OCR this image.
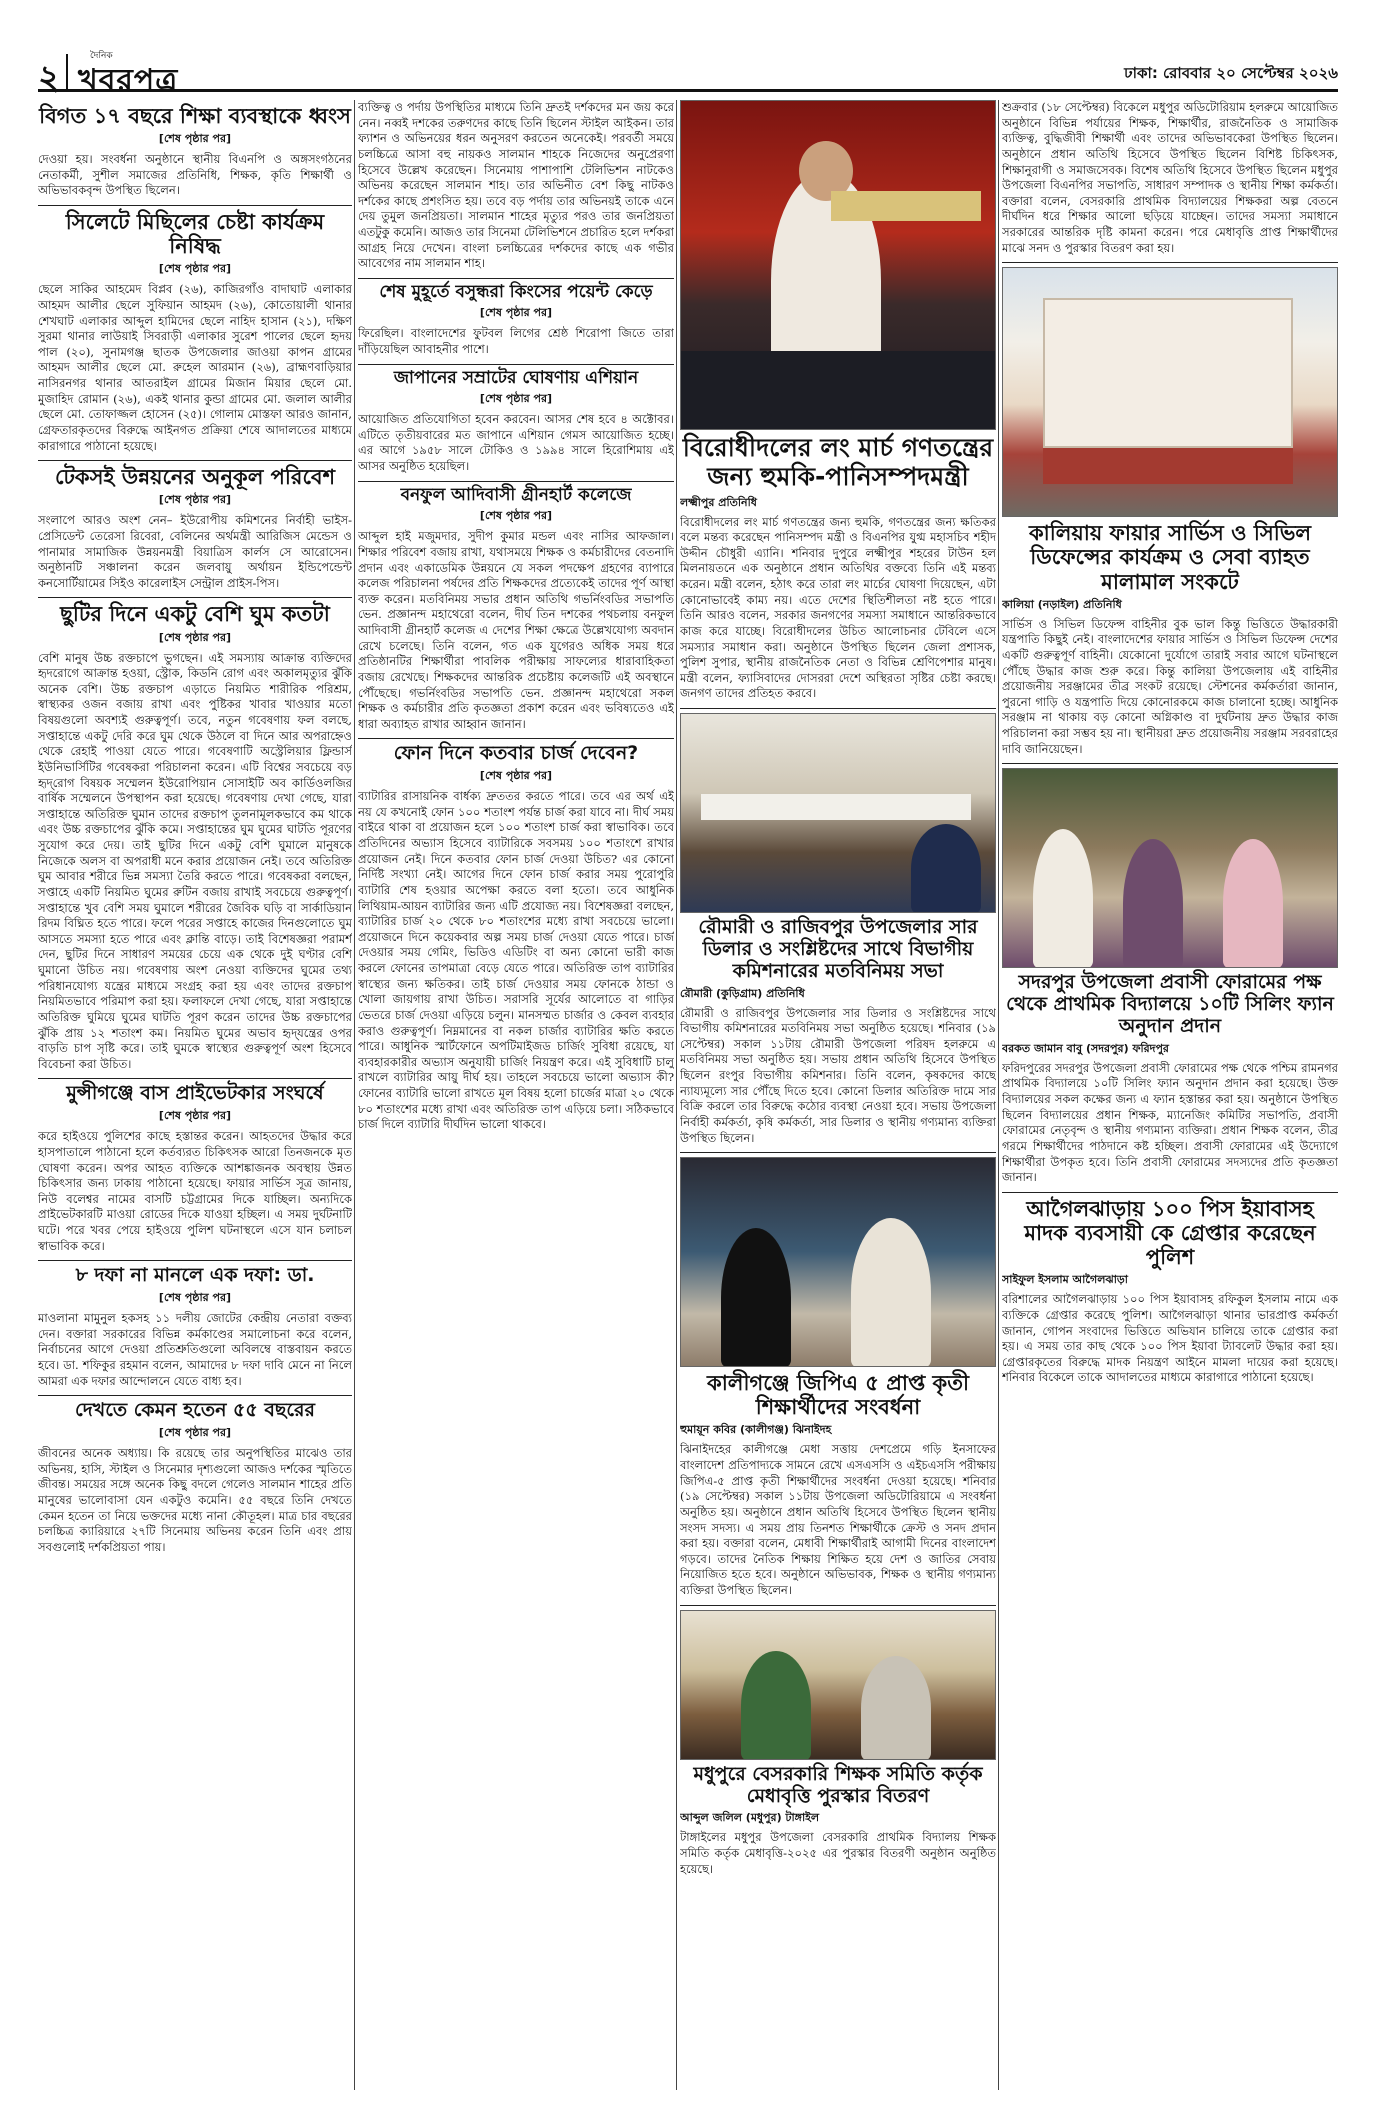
২
দৈনিক
খবরপত্র	ঢাকা: রোববার ২০ সেপ্টেম্বর ২০২৬
বিগত ১৭ বছরে শিক্ষা ব্যবস্থাকে ধ্বংস
[শেষ পৃষ্ঠার পর]
দেওয়া হয়। সংবর্ধনা অনুষ্ঠানে স্থানীয় বিএনপি ও অঙ্গসংগঠনের নেতাকর্মী, সুশীল সমাজের প্রতিনিধি, শিক্ষক, কৃতি শিক্ষার্থী ও অভিভাবকবৃন্দ উপস্থিত ছিলেন।
সিলেটে মিছিলের চেষ্টা কার্যক্রম নিষিদ্ধ
[শেষ পৃষ্ঠার পর]
ছেলে সাকির আহমেদ বিপ্লব (২৬), কাজিরগাঁও বাদাঘাট এলাকার আহমদ আলীর ছেলে সুফিয়ান আহমদ (২৬), কোতোয়ালী থানার শেখঘাট এলাকার আব্দুল হামিদের ছেলে নাহিদ হাসান (২১), দক্ষিণ সুরমা থানার লাউয়াই সিবরাড়ী এলাকার সুরেশ পালের ছেলে হৃদয় পাল (২০), সুনামগঞ্জ ছাতক উপজেলার জাওয়া কাপন গ্রামের আহমদ আলীর ছেলে মো. রুহেল আরমান (২৬), ব্রাহ্মণবাড়িয়ার নাসিরনগর থানার আতরাইল গ্রামের মিজান মিয়ার ছেলে মো. মুজাহিদ রোমান (২৬), একই থানার কুন্ডা গ্রামের মো. জলাল আলীর ছেলে মো. তোফাজ্জল হোসেন (২৫)। গোলাম মোস্তফা আরও জানান, গ্রেফতারকৃতদের বিরুদ্ধে আইনগত প্রক্রিয়া শেষে আদালতের মাধ্যমে কারাগারে পাঠানো হয়েছে।
টেকসই উন্নয়নের অনুকূল পরিবেশ
[শেষ পৃষ্ঠার পর]
সংলাপে আরও অংশ নেন– ইউরোপীয় কমিশনের নির্বাহী ভাইস-প্রেসিডেন্ট তেরেসা রিবেরা, বেলিনের অর্থমন্ত্রী আরিজিস মেন্ডেস ও পানামার সামাজিক উন্নয়নমন্ত্রী বিয়াত্রিস কার্লস সে আরোসেন। অনুষ্ঠানটি সঞ্চালনা করেন জলবায়ু অর্থায়ন ইন্ডিপেন্ডেন্ট কনসোর্টিয়ামের সিইও কারেলাইস সেন্ট্রাল প্রাইস-পিস।
ছুটির দিনে একটু বেশি ঘুম কতটা
[শেষ পৃষ্ঠার পর]
বেশি মানুষ উচ্চ রক্তচাপে ভুগছেন। এই সমস্যায় আক্রান্ত ব্যক্তিদের হৃদরোগে আক্রান্ত হওয়া, স্ট্রোক, কিডনি রোগ এবং অকালমৃত্যুর ঝুঁকি অনেক বেশি। উচ্চ রক্তচাপ এড়াতে নিয়মিত শারীরিক পরিশ্রম, স্বাস্থ্যকর ওজন বজায় রাখা এবং পুষ্টিকর খাবার খাওয়ার মতো বিষয়গুলো অবশ্যই গুরুত্বপূর্ণ। তবে, নতুন গবেষণায় ফল বলছে, সপ্তাহান্তে একটু দেরি করে ঘুম থেকে উঠলে বা দিনে আর অপরাহ্নেও থেকে রেহাই পাওয়া যেতে পারে। গবেষণাটি অস্ট্রেলিয়ার ফ্লিন্ডার্স ইউনিভার্সিটির গবেষকরা পরিচালনা করেন। এটি বিশ্বের সবচেয়ে বড় হৃদ্‌রোগ বিষয়ক সম্মেলন ইউরোপিয়ান সোসাইটি অব কার্ডিওলজির বার্ষিক সম্মেলনে উপস্থাপন করা হয়েছে। গবেষণায় দেখা গেছে, যারা সপ্তাহান্তে অতিরিক্ত ঘুমান তাদের রক্তচাপ তুলনামূলকভাবে কম থাকে এবং উচ্চ রক্তচাপের ঝুঁকি কমে। সপ্তাহান্তের ঘুম ঘুমের ঘাটতি পূরণের সুযোগ করে দেয়। তাই ছুটির দিনে একটু বেশি ঘুমালে মানুষকে নিজেকে অলস বা অপরাধী মনে করার প্রয়োজন নেই। তবে অতিরিক্ত ঘুম আবার শরীরে ভিন্ন সমস্যা তৈরি করতে পারে। গবেষকরা বলছেন, সপ্তাহে একটি নিয়মিত ঘুমের রুটিন বজায় রাখাই সবচেয়ে গুরুত্বপূর্ণ। সপ্তাহান্তে খুব বেশি সময় ঘুমালে শরীরের জৈবিক ঘড়ি বা সার্কাডিয়ান রিদম বিঘ্নিত হতে পারে। ফলে পরের সপ্তাহে কাজের দিনগুলোতে ঘুম আসতে সমস্যা হতে পারে এবং ক্লান্তি বাড়ে। তাই বিশেষজ্ঞরা পরামর্শ দেন, ছুটির দিনে সাধারণ সময়ের চেয়ে এক থেকে দুই ঘণ্টার বেশি ঘুমানো উচিত নয়। গবেষণায় অংশ নেওয়া ব্যক্তিদের ঘুমের তথ্য পরিধানযোগ্য যন্ত্রের মাধ্যমে সংগ্রহ করা হয় এবং তাদের রক্তচাপ নিয়মিতভাবে পরিমাপ করা হয়। ফলাফলে দেখা গেছে, যারা সপ্তাহান্তে অতিরিক্ত ঘুমিয়ে ঘুমের ঘাটতি পূরণ করেন তাদের উচ্চ রক্তচাপের ঝুঁকি প্রায় ১২ শতাংশ কম। নিয়মিত ঘুমের অভাব হৃদ্‌যন্ত্রের ওপর বাড়তি চাপ সৃষ্টি করে। তাই ঘুমকে স্বাস্থ্যের গুরুত্বপূর্ণ অংশ হিসেবে বিবেচনা করা উচিত।
মুন্সীগঞ্জে বাস প্রাইভেটকার সংঘর্ষে
[শেষ পৃষ্ঠার পর]
করে হাইওয়ে পুলিশের কাছে হস্তান্তর করেন। আহতদের উদ্ধার করে হাসপাতালে পাঠানো হলে কর্তব্যরত চিকিৎসক আরো তিনজনকে মৃত ঘোষণা করেন। অপর আহত ব্যক্তিকে আশঙ্কাজনক অবস্থায় উন্নত চিকিৎসার জন্য ঢাকায় পাঠানো হয়েছে। ফায়ার সার্ভিস সূত্র জানায়, নিউ বলেশ্বর নামের বাসটি চট্টগ্রামের দিকে যাচ্ছিল। অন্যদিকে প্রাইভেটকারটি মাওয়া রোডের দিকে যাওয়া হচ্ছিল। এ সময় দুর্ঘটনাটি ঘটে। পরে খবর পেয়ে হাইওয়ে পুলিশ ঘটনাস্থলে এসে যান চলাচল স্বাভাবিক করে।
৮ দফা না মানলে এক দফা: ডা.
[শেষ পৃষ্ঠার পর]
মাওলানা মামুনুল হকসহ ১১ দলীয় জোটের কেন্দ্রীয় নেতারা বক্তব্য দেন। বক্তারা সরকারের বিভিন্ন কর্মকাণ্ডের সমালোচনা করে বলেন, নির্বাচনের আগে দেওয়া প্রতিশ্রুতিগুলো অবিলম্বে বাস্তবায়ন করতে হবে। ডা. শফিকুর রহমান বলেন, আমাদের ৮ দফা দাবি মেনে না নিলে আমরা এক দফার আন্দোলনে যেতে বাধ্য হব।
দেখতে কেমন হতেন ৫৫ বছরের
[শেষ পৃষ্ঠার পর]
জীবনের অনেক অধ্যায়। কি রয়েছে তার অনুপস্থিতির মাঝেও তার অভিনয়, হাসি, স্টাইল ও সিনেমার দৃশ্যগুলো আজও দর্শকের স্মৃতিতে জীবন্ত। সময়ের সঙ্গে অনেক কিছু বদলে গেলেও সালমান শাহের প্রতি মানুষের ভালোবাসা যেন একটুও কমেনি। ৫৫ বছরে তিনি দেখতে কেমন হতেন তা নিয়ে ভক্তদের মধ্যে নানা কৌতূহল। মাত্র চার বছরের চলচ্চিত্র ক্যারিয়ারে ২৭টি সিনেমায় অভিনয় করেন তিনি এবং প্রায় সবগুলোই দর্শকপ্রিয়তা পায়।
ব্যক্তিত্ব ও পর্দায় উপস্থিতির মাধ্যমে তিনি দ্রুতই দর্শকদের মন জয় করে নেন। নব্বই দশকের তরুণদের কাছে তিনি ছিলেন স্টাইল আইকন। তার ফ্যাশন ও অভিনয়ের ধরন অনুসরণ করতেন অনেকেই। পরবর্তী সময়ে চলচ্চিত্রে আসা বহু নায়কও সালমান শাহকে নিজেদের অনুপ্রেরণা হিসেবে উল্লেখ করেছেন। সিনেমায় পাশাপাশি টেলিভিশন নাটকেও অভিনয় করেছেন সালমান শাহ। তার অভিনীত বেশ কিছু নাটকও দর্শকের কাছে প্রশংসিত হয়। তবে বড় পর্দায় তার অভিনয়ই তাকে এনে দেয় তুমুল জনপ্রিয়তা। সালমান শাহের মৃত্যুর পরও তার জনপ্রিয়তা এতটুকু কমেনি। আজও তার সিনেমা টেলিভিশনে প্রচারিত হলে দর্শকরা আগ্রহ নিয়ে দেখেন। বাংলা চলচ্চিত্রের দর্শকদের কাছে এক গভীর আবেগের নাম সালমান শাহ।
শেষ মুহূর্তে বসুন্ধরা কিংসের পয়েন্ট কেড়ে
[শেষ পৃষ্ঠার পর]
ফিরেছিল। বাংলাদেশের ফুটবল লিগের শ্রেষ্ঠ শিরোপা জিতে তারা দাঁড়িয়েছিল আবাহনীর পাশে।
জাপানের সম্রাটের ঘোষণায় এশিয়ান
[শেষ পৃষ্ঠার পর]
আয়োজিত প্রতিযোগিতা হবেন করবেন। আসর শেষ হবে ৪ অক্টোবর। এটিতে তৃতীয়বারের মত জাপানে এশিয়ান গেমস আয়োজিত হচ্ছে। এর আগে ১৯৫৮ সালে টোকিও ও ১৯৯৪ সালে হিরোশিমায় এই আসর অনুষ্ঠিত হয়েছিল।
বনফুল আদিবাসী গ্রীনহার্ট কলেজে
[শেষ পৃষ্ঠার পর]
আব্দুল হাই মজুমদার, সুদীপ কুমার মন্ডল এবং নাসির আফজাল। শিক্ষার পরিবেশ বজায় রাখা, যথাসময়ে শিক্ষক ও কর্মচারীদের বেতনাদি প্রদান এবং একাডেমিক উন্নয়নে যে সকল পদক্ষেপ গ্রহণের ব্যাপারে কলেজ পরিচালনা পর্ষদের প্রতি শিক্ষকদের প্রত্যেকেই তাদের পূর্ণ আস্থা ব্যক্ত করেন। মতবিনিময় সভার প্রধান অতিথি গভর্নিংবডির সভাপতি ভেন. প্রজ্ঞানন্দ মহাথেরো বলেন, দীর্ঘ তিন দশকের পথচলায় বনফুল আদিবাসী গ্রীনহার্ট কলেজ এ দেশের শিক্ষা ক্ষেত্রে উল্লেখযোগ্য অবদান রেখে চলেছে। তিনি বলেন, গত এক যুগেরও অধিক সময় ধরে প্রতিষ্ঠানটির শিক্ষার্থীরা পাবলিক পরীক্ষায় সাফল্যের ধারাবাহিকতা বজায় রেখেছে। শিক্ষকদের আন্তরিক প্রচেষ্টায় কলেজটি এই অবস্থানে পৌঁছেছে। গভর্নিংবডির সভাপতি ভেন. প্রজ্ঞানন্দ মহাথেরো সকল শিক্ষক ও কর্মচারীর প্রতি কৃতজ্ঞতা প্রকাশ করেন এবং ভবিষ্যতেও এই ধারা অব্যাহত রাখার আহ্বান জানান।
ফোন দিনে কতবার চার্জ দেবেন?
[শেষ পৃষ্ঠার পর]
ব্যাটারির রাসায়নিক বার্ধক্য দ্রুততর করতে পারে। তবে এর অর্থ এই নয় যে কখনোই ফোন ১০০ শতাংশ পর্যন্ত চার্জ করা যাবে না। দীর্ঘ সময় বাইরে থাকা বা প্রয়োজন হলে ১০০ শতাংশ চার্জ করা স্বাভাবিক। তবে প্রতিদিনের অভ্যাস হিসেবে ব্যাটারিকে সবসময় ১০০ শতাংশে রাখার প্রয়োজন নেই। দিনে কতবার ফোন চার্জ দেওয়া উচিত? এর কোনো নির্দিষ্ট সংখ্যা নেই। আগের দিনে ফোন চার্জ করার সময় পুরোপুরি ব্যাটারি শেষ হওয়ার অপেক্ষা করতে বলা হতো। তবে আধুনিক লিথিয়াম-আয়ন ব্যাটারির জন্য এটি প্রযোজ্য নয়। বিশেষজ্ঞরা বলছেন, ব্যাটারির চার্জ ২০ থেকে ৮০ শতাংশের মধ্যে রাখা সবচেয়ে ভালো। প্রয়োজনে দিনে কয়েকবার অল্প সময় চার্জ দেওয়া যেতে পারে। চার্জ দেওয়ার সময় গেমিং, ভিডিও এডিটিং বা অন্য কোনো ভারী কাজ করলে ফোনের তাপমাত্রা বেড়ে যেতে পারে। অতিরিক্ত তাপ ব্যাটারির স্বাস্থ্যের জন্য ক্ষতিকর। তাই চার্জ দেওয়ার সময় ফোনকে ঠান্ডা ও খোলা জায়গায় রাখা উচিত। সরাসরি সূর্যের আলোতে বা গাড়ির ভেতরে চার্জ দেওয়া এড়িয়ে চলুন। মানসম্মত চার্জার ও কেবল ব্যবহার করাও গুরুত্বপূর্ণ। নিম্নমানের বা নকল চার্জার ব্যাটারির ক্ষতি করতে পারে। আধুনিক স্মার্টফোনে অপটিমাইজড চার্জিং সুবিধা রয়েছে, যা ব্যবহারকারীর অভ্যাস অনুযায়ী চার্জিং নিয়ন্ত্রণ করে। এই সুবিধাটি চালু রাখলে ব্যাটারির আয়ু দীর্ঘ হয়। তাহলে সবচেয়ে ভালো অভ্যাস কী? ফোনের ব্যাটারি ভালো রাখতে মূল বিষয় হলো চার্জের মাত্রা ২০ থেকে ৮০ শতাংশের মধ্যে রাখা এবং অতিরিক্ত তাপ এড়িয়ে চলা। সঠিকভাবে চার্জ দিলে ব্যাটারি দীর্ঘদিন ভালো থাকবে।
বিরোধীদলের লং মার্চ গণতন্ত্রের জন্য হুমকি-পানিসম্পদমন্ত্রী
লক্ষ্মীপুর প্রতিনিধি
বিরোধীদলের লং মার্চ গণতন্ত্রের জন্য হুমকি, গণতন্ত্রের জন্য ক্ষতিকর বলে মন্তব্য করেছেন পানিসম্পদ মন্ত্রী ও বিএনপির যুগ্ম মহাসচিব শহীদ উদ্দীন চৌধুরী এ্যানি। শনিবার দুপুরে লক্ষ্মীপুর শহরের টাউন হল মিলনায়তনে এক অনুষ্ঠানে প্রধান অতিথির বক্তব্যে তিনি এই মন্তব্য করেন। মন্ত্রী বলেন, হঠাৎ করে তারা লং মার্চের ঘোষণা দিয়েছেন, এটা কোনোভাবেই কাম্য নয়। এতে দেশের স্থিতিশীলতা নষ্ট হতে পারে। তিনি আরও বলেন, সরকার জনগণের সমস্যা সমাধানে আন্তরিকভাবে কাজ করে যাচ্ছে। বিরোধীদলের উচিত আলোচনার টেবিলে এসে সমস্যার সমাধান করা। অনুষ্ঠানে উপস্থিত ছিলেন জেলা প্রশাসক, পুলিশ সুপার, স্থানীয় রাজনৈতিক নেতা ও বিভিন্ন শ্রেণিপেশার মানুষ। মন্ত্রী বলেন, ফ্যাসিবাদের দোসররা দেশে অস্থিরতা সৃষ্টির চেষ্টা করছে। জনগণ তাদের প্রতিহত করবে।
রৌমারী ও রাজিবপুর উপজেলার সার ডিলার ও সংশ্লিষ্টদের সাথে বিভাগীয় কমিশনারের মতবিনিময় সভা
রৌমারী (কুড়িগ্রাম) প্রতিনিধি
রৌমারী ও রাজিবপুর উপজেলার সার ডিলার ও সংশ্লিষ্টদের সাথে বিভাগীয় কমিশনারের মতবিনিময় সভা অনুষ্ঠিত হয়েছে। শনিবার (১৯ সেপ্টেম্বর) সকাল ১১টায় রৌমারী উপজেলা পরিষদ হলরুমে এ মতবিনিময় সভা অনুষ্ঠিত হয়। সভায় প্রধান অতিথি হিসেবে উপস্থিত ছিলেন রংপুর বিভাগীয় কমিশনার। তিনি বলেন, কৃষকদের কাছে ন্যায্যমূল্যে সার পৌঁছে দিতে হবে। কোনো ডিলার অতিরিক্ত দামে সার বিক্রি করলে তার বিরুদ্ধে কঠোর ব্যবস্থা নেওয়া হবে। সভায় উপজেলা নির্বাহী কর্মকর্তা, কৃষি কর্মকর্তা, সার ডিলার ও স্থানীয় গণ্যমান্য ব্যক্তিরা উপস্থিত ছিলেন।
কালীগঞ্জে জিপিএ ৫ প্রাপ্ত কৃতী শিক্ষার্থীদের সংবর্ধনা
হুমায়ূন কবির (কালীগঞ্জ) ঝিনাইদহ
ঝিনাইদহের কালীগঞ্জে মেধা সত্তায় দেশপ্রেমে গড়ি ইনসাফের বাংলাদেশ প্রতিপাদ্যকে সামনে রেখে এসএসসি ও এইচএসসি পরীক্ষায় জিপিএ-৫ প্রাপ্ত কৃতী শিক্ষার্থীদের সংবর্ধনা দেওয়া হয়েছে। শনিবার (১৯ সেপ্টেম্বর) সকাল ১১টায় উপজেলা অডিটোরিয়ামে এ সংবর্ধনা অনুষ্ঠিত হয়। অনুষ্ঠানে প্রধান অতিথি হিসেবে উপস্থিত ছিলেন স্থানীয় সংসদ সদস্য। এ সময় প্রায় তিনশত শিক্ষার্থীকে ক্রেস্ট ও সনদ প্রদান করা হয়। বক্তারা বলেন, মেধাবী শিক্ষার্থীরাই আগামী দিনের বাংলাদেশ গড়বে। তাদের নৈতিক শিক্ষায় শিক্ষিত হয়ে দেশ ও জাতির সেবায় নিয়োজিত হতে হবে। অনুষ্ঠানে অভিভাবক, শিক্ষক ও স্থানীয় গণ্যমান্য ব্যক্তিরা উপস্থিত ছিলেন।
মধুপুরে বেসরকারি শিক্ষক সমিতি কর্তৃক মেধাবৃত্তি পুরস্কার বিতরণ
আব্দুল জলিল (মধুপুর) টাঙ্গাইল
টাঙ্গাইলের মধুপুর উপজেলা বেসরকারি প্রাথমিক বিদ্যালয় শিক্ষক সমিতি কর্তৃক মেধাবৃত্তি-২০২৫ এর পুরস্কার বিতরণী অনুষ্ঠান অনুষ্ঠিত হয়েছে।
শুক্রবার (১৮ সেপ্টেম্বর) বিকেলে মধুপুর অডিটোরিয়াম হলরুমে আয়োজিত অনুষ্ঠানে বিভিন্ন পর্যায়ের শিক্ষক, শিক্ষার্থীর, রাজনৈতিক ও সামাজিক ব্যক্তিত্ব, বুদ্ধিজীবী শিক্ষার্থী এবং তাদের অভিভাবকেরা উপস্থিত ছিলেন। অনুষ্ঠানে প্রধান অতিথি হিসেবে উপস্থিত ছিলেন বিশিষ্ট চিকিৎসক, শিক্ষানুরাগী ও সমাজসেবক। বিশেষ অতিথি হিসেবে উপস্থিত ছিলেন মধুপুর উপজেলা বিএনপির সভাপতি, সাধারণ সম্পাদক ও স্থানীয় শিক্ষা কর্মকর্তা। বক্তারা বলেন, বেসরকারি প্রাথমিক বিদ্যালয়ের শিক্ষকরা অল্প বেতনে দীর্ঘদিন ধরে শিক্ষার আলো ছড়িয়ে যাচ্ছেন। তাদের সমস্যা সমাধানে সরকারের আন্তরিক দৃষ্টি কামনা করেন। পরে মেধাবৃত্তি প্রাপ্ত শিক্ষার্থীদের মাঝে সনদ ও পুরস্কার বিতরণ করা হয়।
কালিয়ায় ফায়ার সার্ভিস ও সিভিল ডিফেন্সের কার্যক্রম ও সেবা ব্যাহত মালামাল সংকটে
কালিয়া (নড়াইল) প্রতিনিধি
সার্ভিস ও সিভিল ডিফেন্স বাহিনীর বুক ভাল কিন্তু ভিত্তিতে উদ্ধারকারী যন্ত্রপাতি কিছুই নেই। বাংলাদেশের ফায়ার সার্ভিস ও সিভিল ডিফেন্স দেশের একটি গুরুত্বপূর্ণ বাহিনী। যেকোনো দুর্যোগে তারাই সবার আগে ঘটনাস্থলে পৌঁছে উদ্ধার কাজ শুরু করে। কিন্তু কালিয়া উপজেলায় এই বাহিনীর প্রয়োজনীয় সরঞ্জামের তীব্র সংকট রয়েছে। স্টেশনের কর্মকর্তারা জানান, পুরনো গাড়ি ও যন্ত্রপাতি দিয়ে কোনোরকমে কাজ চালানো হচ্ছে। আধুনিক সরঞ্জাম না থাকায় বড় কোনো অগ্নিকাণ্ড বা দুর্ঘটনায় দ্রুত উদ্ধার কাজ পরিচালনা করা সম্ভব হয় না। স্থানীয়রা দ্রুত প্রয়োজনীয় সরঞ্জাম সরবরাহের দাবি জানিয়েছেন।
সদরপুর উপজেলা প্রবাসী ফোরামের পক্ষ থেকে প্রাথমিক বিদ্যালয়ে ১০টি সিলিং ফ্যান অনুদান প্রদান
বরকত জামান বাবু (সদরপুর) ফরিদপুর
ফরিদপুরের সদরপুর উপজেলা প্রবাসী ফোরামের পক্ষ থেকে পশ্চিম রামনগর প্রাথমিক বিদ্যালয়ে ১০টি সিলিং ফ্যান অনুদান প্রদান করা হয়েছে। উক্ত বিদ্যালয়ের সকল কক্ষের জন্য এ ফ্যান হস্তান্তর করা হয়। অনুষ্ঠানে উপস্থিত ছিলেন বিদ্যালয়ের প্রধান শিক্ষক, ম্যানেজিং কমিটির সভাপতি, প্রবাসী ফোরামের নেতৃবৃন্দ ও স্থানীয় গণ্যমান্য ব্যক্তিরা। প্রধান শিক্ষক বলেন, তীব্র গরমে শিক্ষার্থীদের পাঠদানে কষ্ট হচ্ছিল। প্রবাসী ফোরামের এই উদ্যোগে শিক্ষার্থীরা উপকৃত হবে। তিনি প্রবাসী ফোরামের সদস্যদের প্রতি কৃতজ্ঞতা জানান।
আগৈলঝাড়ায় ১০০ পিস ইয়াবাসহ মাদক ব্যবসায়ী কে গ্রেপ্তার করেছেন পুলিশ
সাইফুল ইসলাম আগৈলঝাড়া
বরিশালের আগৈলঝাড়ায় ১০০ পিস ইয়াবাসহ রফিকুল ইসলাম নামে এক ব্যক্তিকে গ্রেপ্তার করেছে পুলিশ। আগৈলঝাড়া থানার ভারপ্রাপ্ত কর্মকর্তা জানান, গোপন সংবাদের ভিত্তিতে অভিযান চালিয়ে তাকে গ্রেপ্তার করা হয়। এ সময় তার কাছ থেকে ১০০ পিস ইয়াবা ট্যাবলেট উদ্ধার করা হয়। গ্রেপ্তারকৃতের বিরুদ্ধে মাদক নিয়ন্ত্রণ আইনে মামলা দায়ের করা হয়েছে। শনিবার বিকেলে তাকে আদালতের মাধ্যমে কারাগারে পাঠানো হয়েছে।
